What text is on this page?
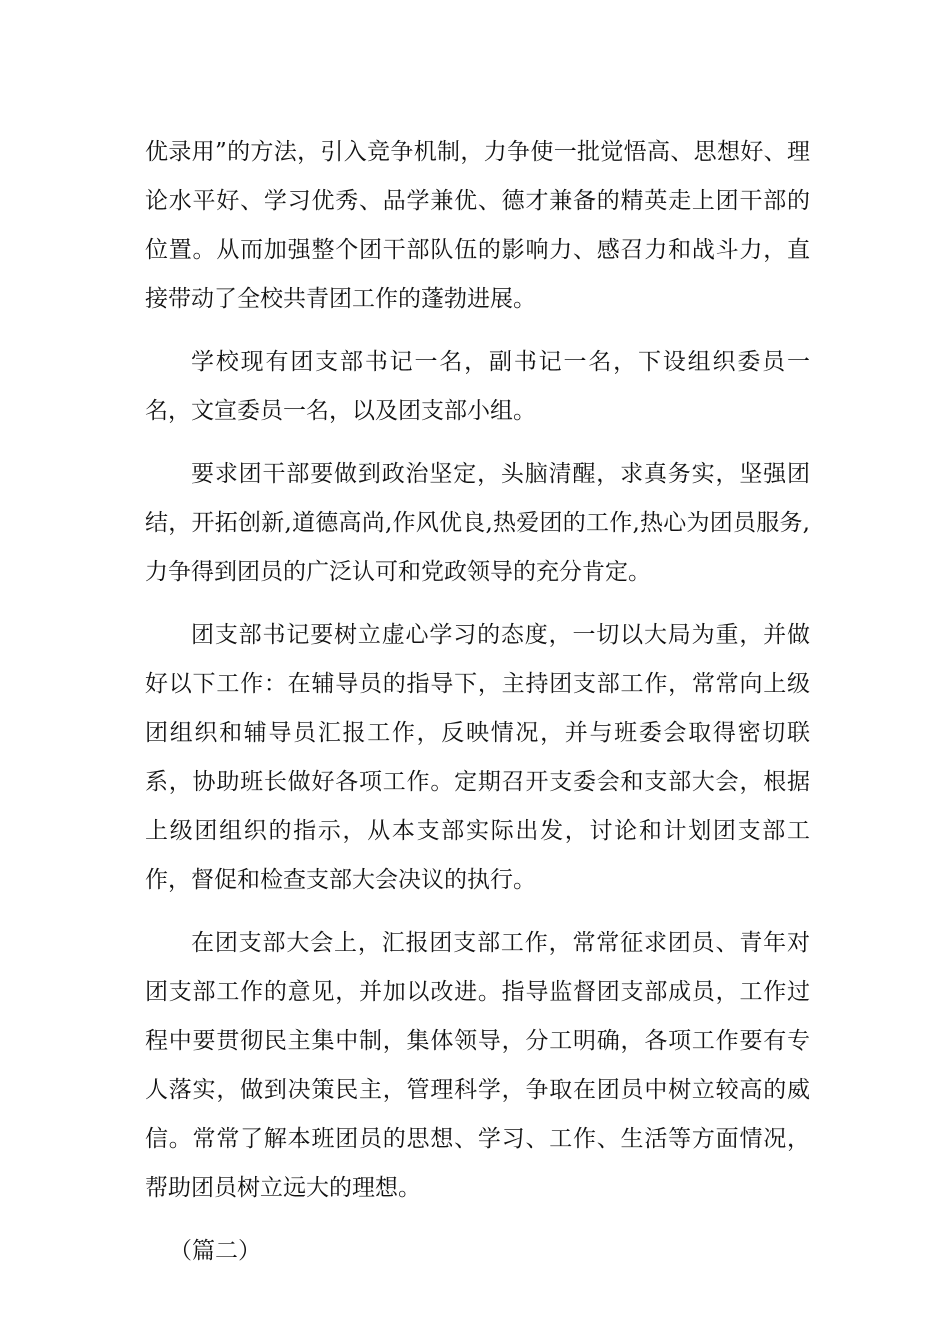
优录用”的方法，引入竞争机制，力争使一批觉悟高、思想好、理论水平好、学习优秀、品学兼优、德才兼备的精英走上团干部的位置。从而加强整个团干部队伍的影响力、感召力和战斗力，直接带动了全校共青团工作的蓬勃进展。

学校现有团支部书记一名，副书记一名，下设组织委员一名，文宣委员一名，以及团支部小组。

要求团干部要做到政治坚定，头脑清醒，求真务实，坚强团结，开拓创新,道德高尚,作风优良,热爱团的工作,热心为团员服务,力争得到团员的广泛认可和党政领导的充分肯定。

团支部书记要树立虚心学习的态度，一切以大局为重，并做好以下工作：在辅导员的指导下，主持团支部工作，常常向上级团组织和辅导员汇报工作，反映情况，并与班委会取得密切联系，协助班长做好各项工作。定期召开支委会和支部大会，根据上级团组织的指示，从本支部实际出发，讨论和计划团支部工作，督促和检查支部大会决议的执行。

在团支部大会上，汇报团支部工作，常常征求团员、青年对团支部工作的意见，并加以改进。指导监督团支部成员，工作过程中要贯彻民主集中制，集体领导，分工明确，各项工作要有专人落实，做到决策民主，管理科学，争取在团员中树立较高的威信。常常了解本班团员的思想、学习、工作、生活等方面情况，帮助团员树立远大的理想。

（篇二）
